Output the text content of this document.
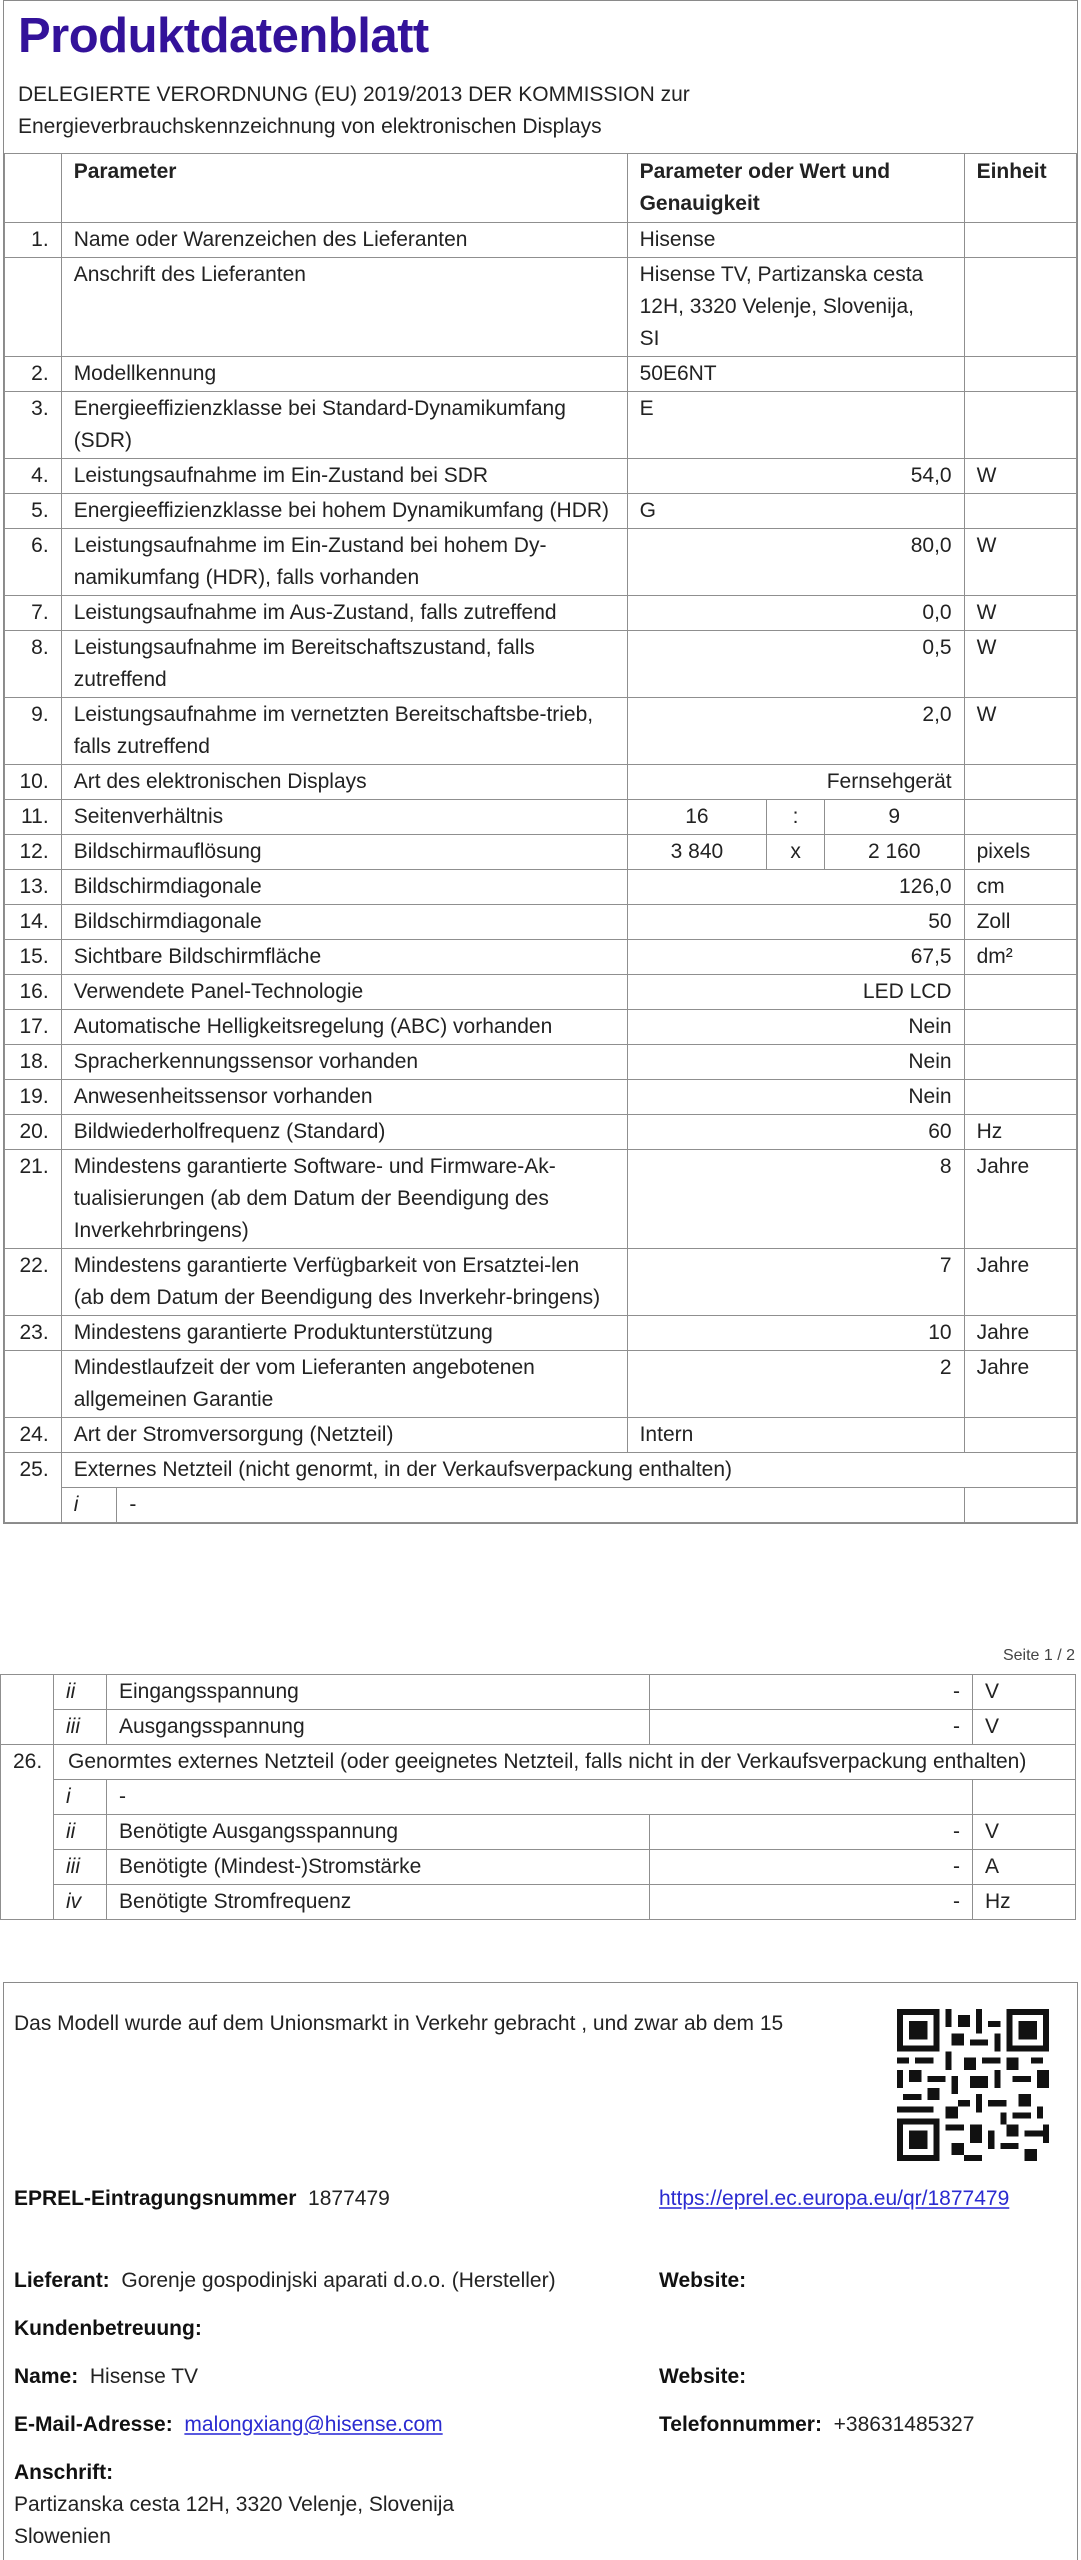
Produktdatenblatt
DELEGIERTE VERORDNUNG (EU) 2019/2013 DER KOMMISSION zur
Energieverbrauchskennzeichnung von elektronischen Displays
	Parameter		Parameter oder Wert und Genauigkeit			Einheit
1.	Name oder Warenzeichen des Lieferanten		Hisense			
	Anschrift des Lieferanten		Hisense TV, Partizanska cesta 12H, 3320 Velenje, Slovenija, SI			
2.	Modellkennung		50E6NT			
3.	Energieeffizienzklasse bei Standard-Dynamikumfang (SDR)		E			
4.	Leistungsaufnahme im Ein-Zustand bei SDR		54,0			W
5.	Energieeffizienzklasse bei hohem Dynamikumfang (HDR)		G			
6.	Leistungsaufnahme im Ein-Zustand bei hohem Dy-namikumfang (HDR), falls vorhanden		80,0			W
7.	Leistungsaufnahme im Aus-Zustand, falls zutreffend		0,0			W
8.	Leistungsaufnahme im Bereitschaftszustand, falls zutreffend		0,5			W
9.	Leistungsaufnahme im vernetzten Bereitschaftsbe-trieb, falls zutreffend		2,0			W
10.	Art des elektronischen Displays		Fernsehgerät			
11.	Seitenverhältnis		16	:	9	
12.	Bildschirmauflösung		3 840	x	2 160	pixels
13.	Bildschirmdiagonale		126,0			cm
14.	Bildschirmdiagonale		50			Zoll
15.	Sichtbare Bildschirmfläche		67,5			dm²
16.	Verwendete Panel-Technologie		LED LCD			
17.	Automatische Helligkeitsregelung (ABC) vorhanden		Nein			
18.	Spracherkennungssensor vorhanden		Nein			
19.	Anwesenheitssensor vorhanden		Nein			
20.	Bildwiederholfrequenz (Standard)		60			Hz
21.	Mindestens garantierte Software- und Firmware-Ak-tualisierungen (ab dem Datum der Beendigung des Inverkehrbringens)		8			Jahre
22.	Mindestens garantierte Verfügbarkeit von Ersatztei-len (ab dem Datum der Beendigung des Inverkehr-bringens)		7			Jahre
23.	Mindestens garantierte Produktunterstützung		10			Jahre
	Mindestlaufzeit der vom Lieferanten angebotenen allgemeinen Garantie		2			Jahre
24.	Art der Stromversorgung (Netzteil)		Intern			
25.	Externes Netzteil (nicht genormt, in der Verkaufsverpackung enthalten)					
	i	-				
Seite 1 / 2
	ii	Eingangsspannung	-	V
	iii	Ausgangsspannung	-	V
26.	Genormtes externes Netzteil (oder geeignetes Netzteil, falls nicht in der Verkaufsverpackung enthalten)			
	i	-		
	ii	Benötigte Ausgangsspannung	-	V
	iii	Benötigte (Mindest-)Stromstärke	-	A
	iv	Benötigte Stromfrequenz	-	Hz
Das Modell wurde auf dem Unionsmarkt in Verkehr gebracht , und zwar ab dem 15
EPREL-Eintragungsnummer 1877479	https://eprel.ec.europa.eu/qr/1877479
Lieferant: Gorenje gospodinjski aparati d.o.o. (Hersteller)	Website:
Kundenbetreuung:
Name: Hisense TV	Website:
E-Mail-Adresse: malongxiang@hisense.com	Telefonnummer: +38631485327
Anschrift:
Partizanska cesta 12H, 3320 Velenje, Slovenija
Slowenien
